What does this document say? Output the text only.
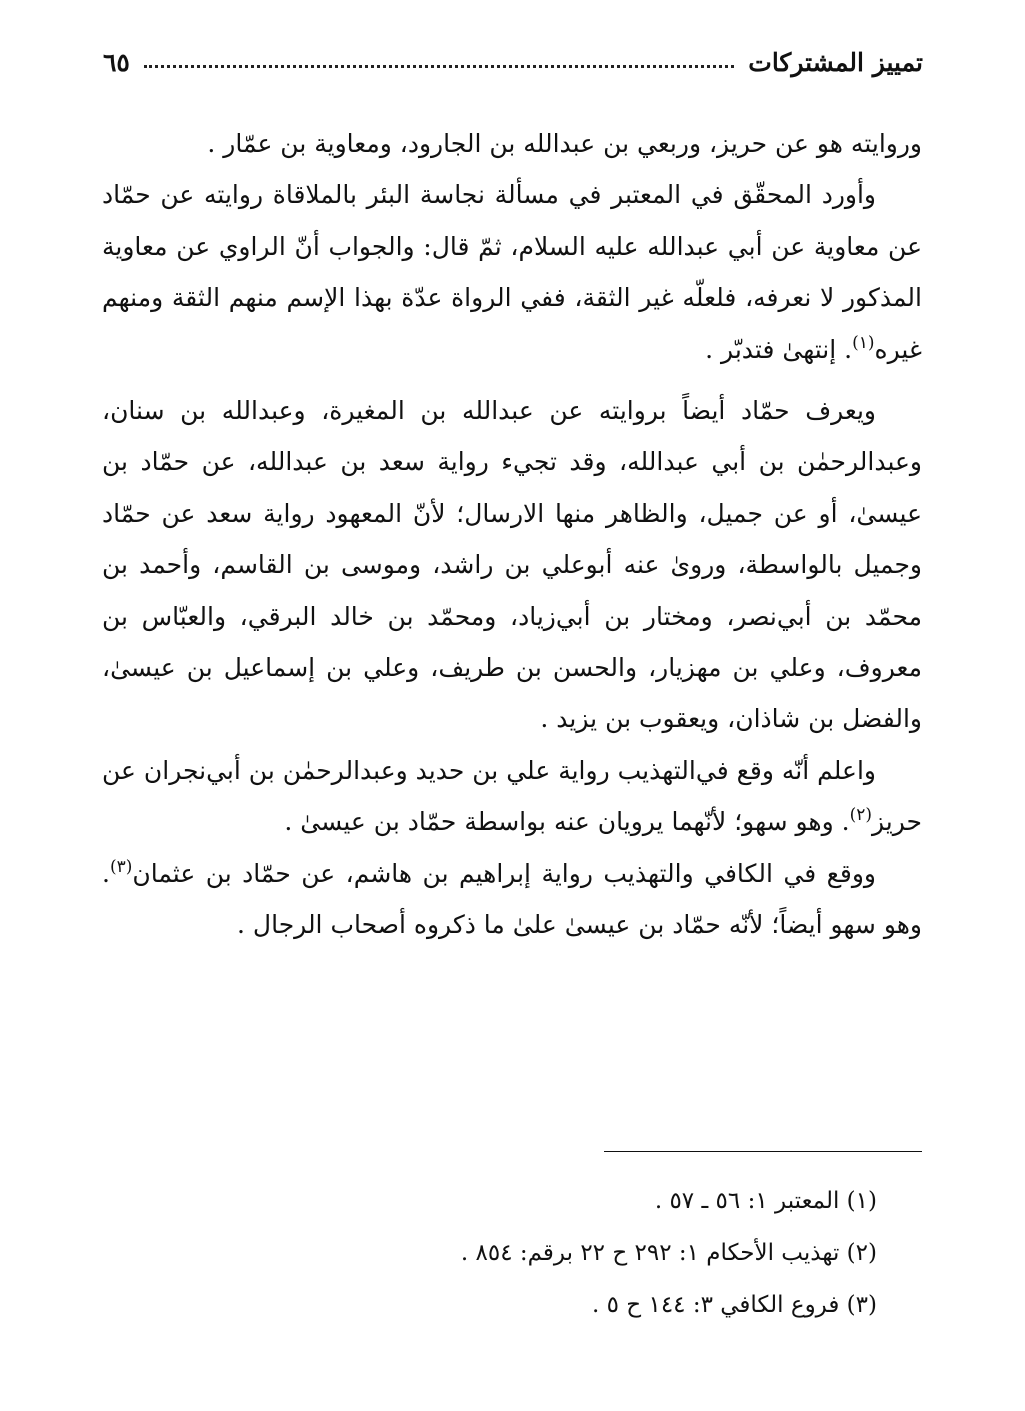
تمييز المشتركات
٦٥

وروايته هو عن حريز، وربعي بن عبدالله بن الجارود، ومعاوية بن عمّار .

وأورد المحقّق في المعتبر في مسألة نجاسة البئر بالملاقاة روايته عن حمّاد عن معاوية عن أبي عبدالله عليه السلام، ثمّ قال: والجواب أنّ الراوي عن معاوية المذكور لا نعرفه، فلعلّه غير الثقة، ففي الرواة عدّة بهذا الإسم منهم الثقة ومنهم غيره$^{(١)}$. إنتهىٰ فتدبّر .

ويعرف حمّاد أيضاً بروايته عن عبدالله بن المغيرة، وعبدالله بن سنان، وعبدالرحمٰن بن أبي عبدالله، وقد تجيء رواية سعد بن عبدالله، عن حمّاد بن عيسىٰ، أو عن جميل، والظاهر منها الارسال؛ لأنّ المعهود رواية سعد عن حمّاد وجميل بالواسطة، وروىٰ عنه أبوعلي بن راشد، وموسى بن القاسم، وأحمد بن محمّد بن أبي‌نصر، ومختار بن أبي‌زياد، ومحمّد بن خالد البرقي، والعبّاس بن معروف، وعلي بن مهزيار، والحسن بن طريف، وعلي بن إسماعيل بن عيسىٰ، والفضل بن شاذان، ويعقوب بن يزيد .

واعلم أنّه وقع في‌التهذيب رواية علي بن حديد وعبدالرحمٰن بن أبي‌نجران عن حريز$^{(٢)}$. وهو سهو؛ لأنّهما يرويان عنه بواسطة حمّاد بن عيسىٰ .

ووقع في الكافي والتهذيب رواية إبراهيم بن هاشم، عن حمّاد بن عثمان$^{(٣)}$. وهو سهو أيضاً؛ لأنّه حمّاد بن عيسىٰ علىٰ ما ذكروه أصحاب الرجال .

(١) المعتبر ١: ٥٦ ـ ٥٧ .
(٢) تهذيب الأحكام ١: ٢٩٢ ح ٢٢ برقم: ٨٥٤ .
(٣) فروع الكافي ٣: ١٤٤ ح ٥ .
